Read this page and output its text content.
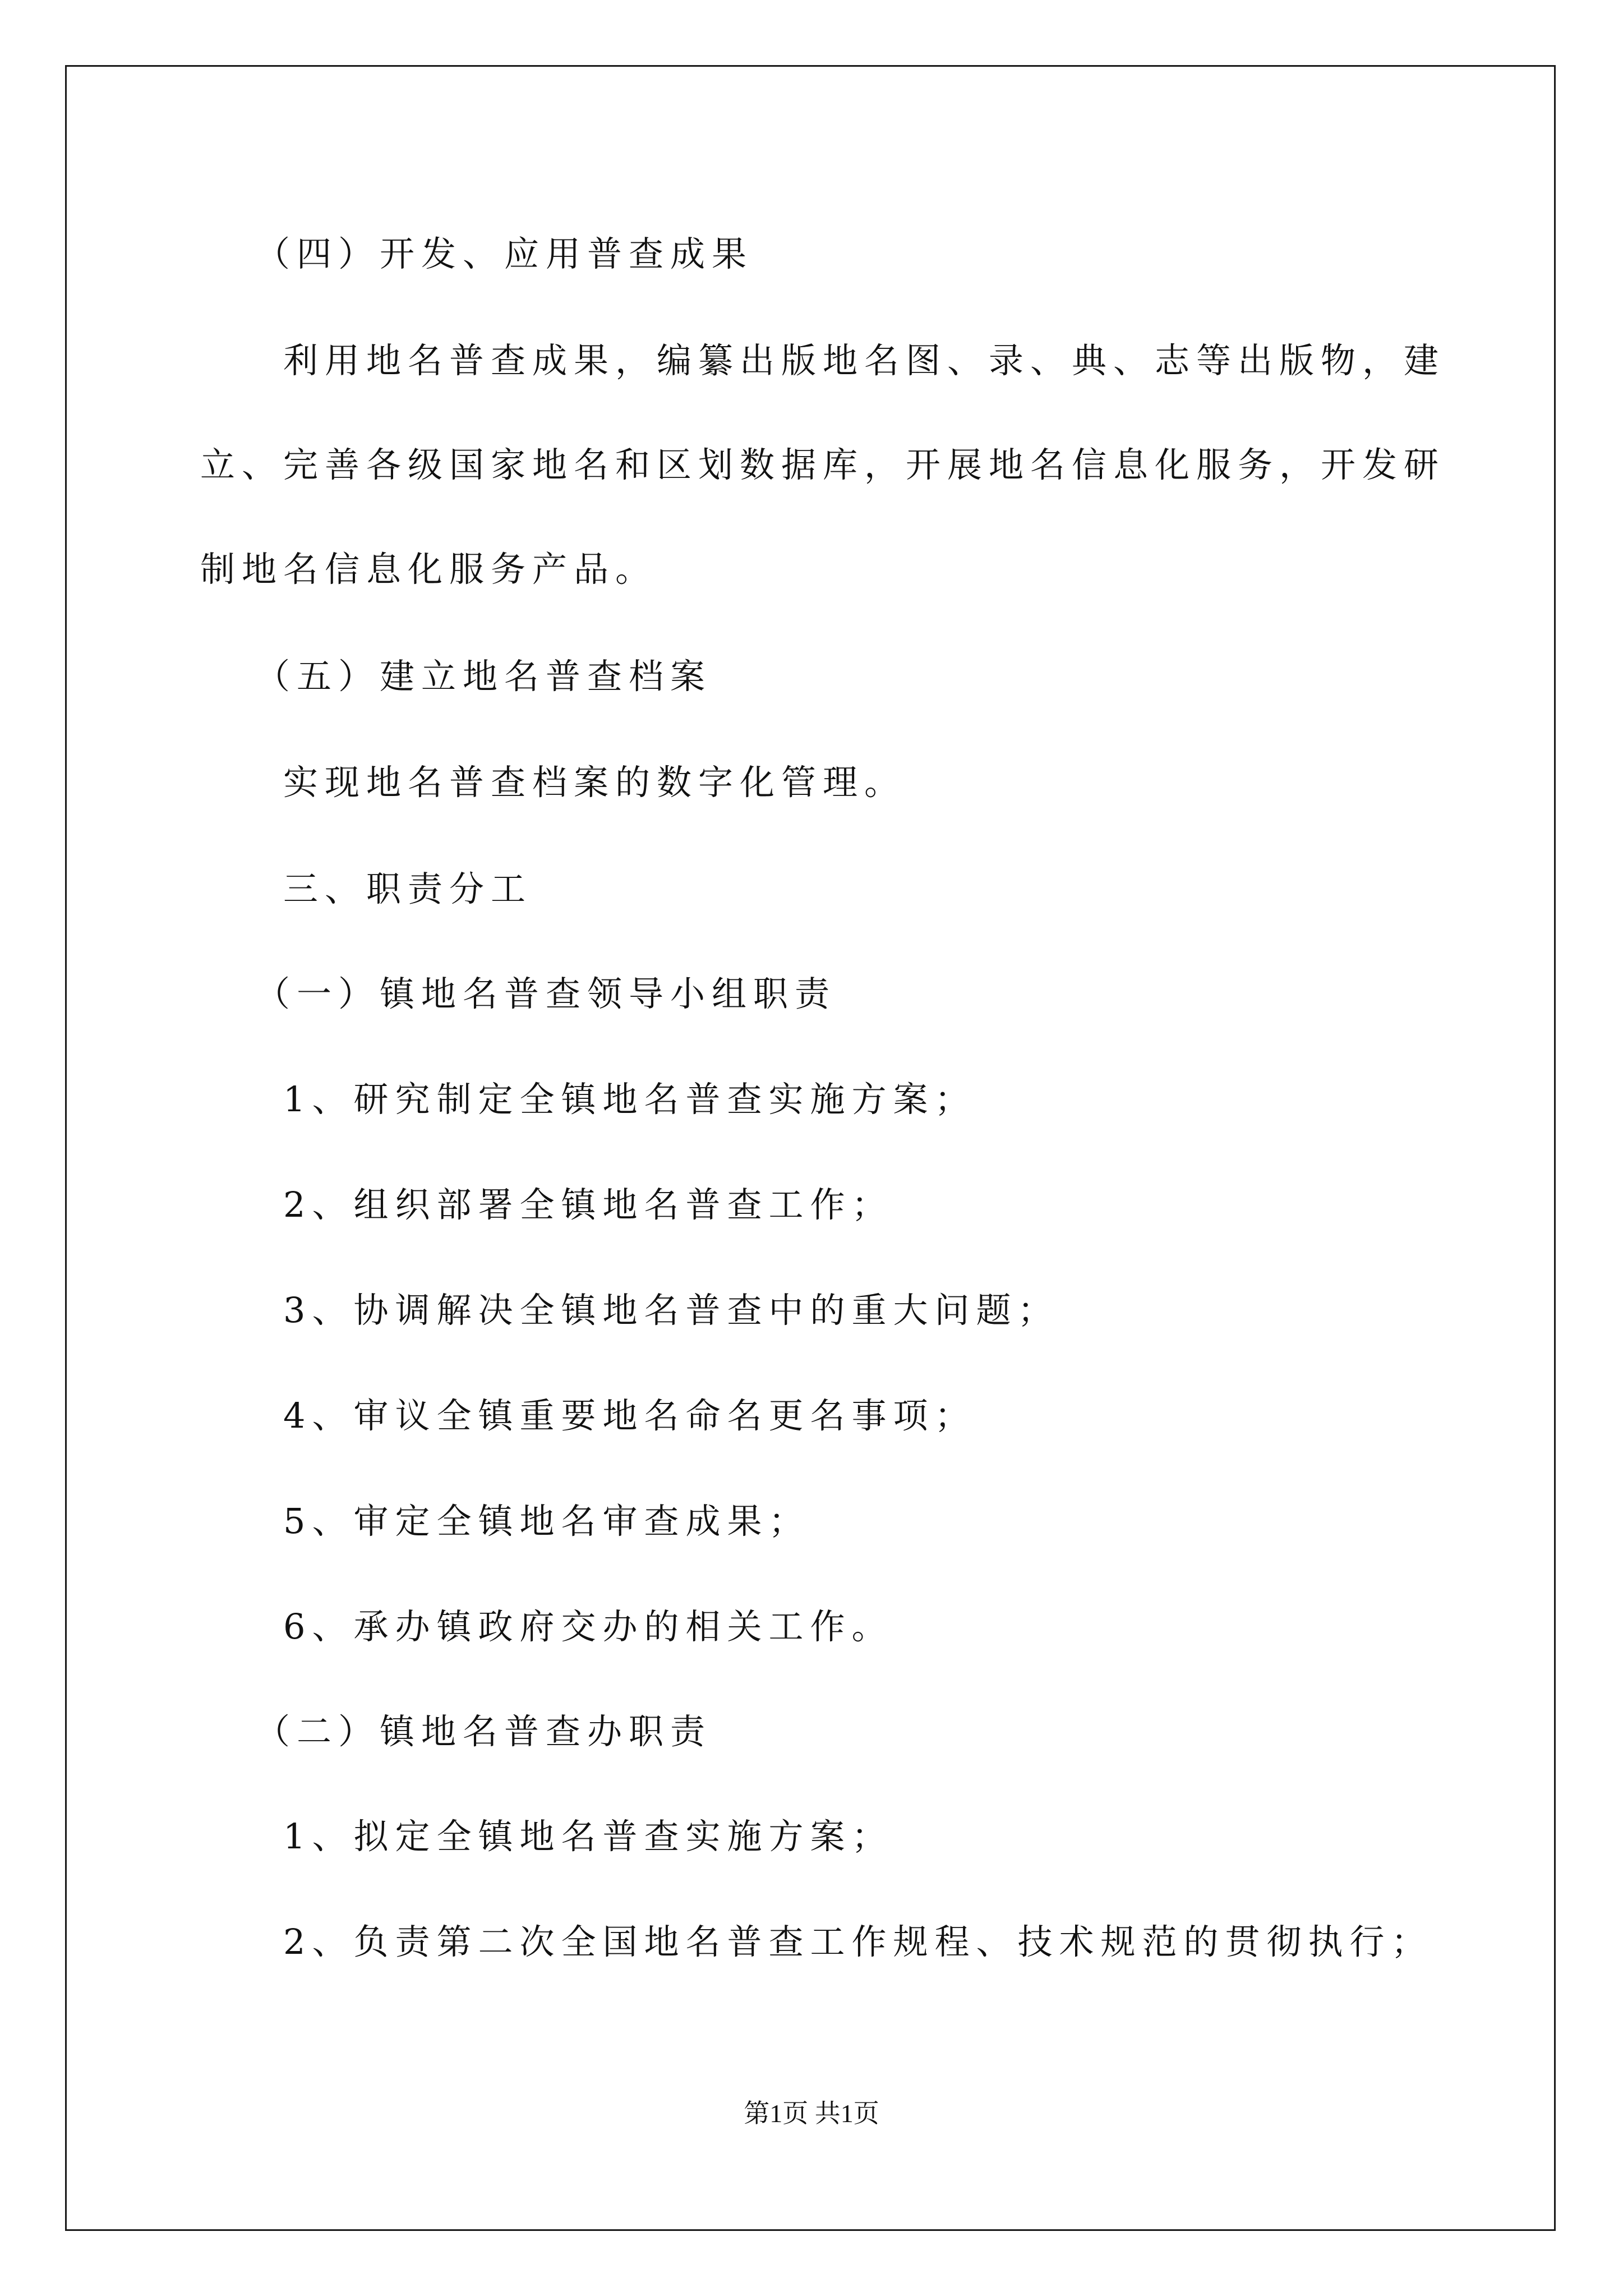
（四）开发、应用普查成果
利用地名普查成果，编纂出版地名图、录、典、志等出版物，建
立、完善各级国家地名和区划数据库，开展地名信息化服务，开发研
制地名信息化服务产品。
（五）建立地名普查档案
实现地名普查档案的数字化管理。
三、职责分工
（一）镇地名普查领导小组职责
1、研究制定全镇地名普查实施方案；
2、组织部署全镇地名普查工作；
3、协调解决全镇地名普查中的重大问题；
4、审议全镇重要地名命名更名事项；
5、审定全镇地名审查成果；
6、承办镇政府交办的相关工作。
（二）镇地名普查办职责
1、拟定全镇地名普查实施方案；
2、负责第二次全国地名普查工作规程、技术规范的贯彻执行；
第1页 共1页
